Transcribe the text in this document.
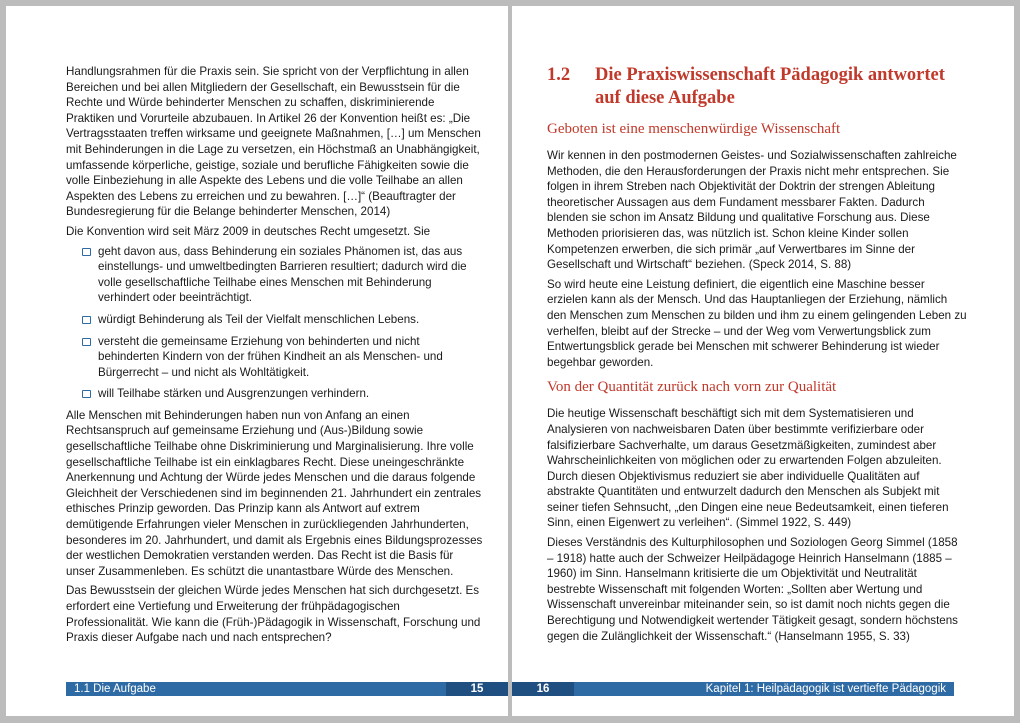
Handlungsrahmen für die Praxis sein. Sie spricht von der Verpflichtung in allen Bereichen und bei allen Mitgliedern der Gesellschaft, ein Bewusstsein für die Rechte und Würde behinderter Menschen zu schaffen, diskriminierende Praktiken und Vorurteile abzubauen. In Artikel 26 der Konvention heißt es: „Die Vertragsstaaten treffen wirksame und geeignete Maßnahmen, […] um Menschen mit Behinderungen in die Lage zu versetzen, ein Höchstmaß an Unabhängigkeit, umfassende körperliche, geistige, soziale und berufliche Fähigkeiten sowie die volle Einbeziehung in alle Aspekte des Lebens und die volle Teilhabe an allen Aspekten des Lebens zu erreichen und zu bewahren. […]“ (Beauftragter der Bundesregierung für die Belange behinderter Menschen, 2014)

Die Konvention wird seit März 2009 in deutsches Recht umgesetzt. Sie

geht davon aus, dass Behinderung ein soziales Phänomen ist, das aus einstellungs- und umweltbedingten Barrieren resultiert; dadurch wird die volle gesellschaftliche Teilhabe eines Menschen mit Behinderung verhindert oder beeinträchtigt.
würdigt Behinderung als Teil der Vielfalt menschlichen Lebens.
versteht die gemeinsame Erziehung von behinderten und nicht behinderten Kindern von der frühen Kindheit an als Menschen- und Bürgerrecht – und nicht als Wohltätigkeit.
will Teilhabe stärken und Ausgrenzungen verhindern.

Alle Menschen mit Behinderungen haben nun von Anfang an einen Rechtsanspruch auf gemeinsame Erziehung und (Aus-)Bildung sowie gesellschaftliche Teilhabe ohne Diskriminierung und Marginalisierung. Ihre volle gesellschaftliche Teilhabe ist ein einklagbares Recht. Diese uneingeschränkte Anerkennung und Achtung der Würde jedes Menschen und die daraus folgende Gleichheit der Verschiedenen sind im beginnenden 21. Jahrhundert ein zentrales ethisches Prinzip geworden. Das Prinzip kann als Antwort auf extrem demütigende Erfahrungen vieler Menschen in zurückliegenden Jahrhunderten, besonderes im 20. Jahrhundert, und damit als Ergebnis eines Bildungsprozesses der westlichen Demokratien verstanden werden. Das Recht ist die Basis für unser Zusammenleben. Es schützt die unantastbare Würde des Menschen.

Das Bewusstsein der gleichen Würde jedes Menschen hat sich durchgesetzt. Es erfordert eine Vertiefung und Erweiterung der frühpädagogischen Professionalität. Wie kann die (Früh-)Pädagogik in Wissenschaft, Forschung und Praxis dieser Aufgabe nach und nach entsprechen?

1.1 Die Aufgabe	15
1.2	Die Praxiswissenschaft Pädagogik antwortet auf diese Aufgabe
Geboten ist eine menschenwürdige Wissenschaft

Wir kennen in den postmodernen Geistes- und Sozialwissenschaften zahlreiche Methoden, die den Herausforderungen der Praxis nicht mehr entsprechen. Sie folgen in ihrem Streben nach Objektivität der Doktrin der strengen Ableitung theoretischer Aussagen aus dem Fundament messbarer Fakten. Dadurch blenden sie schon im Ansatz Bildung und qualitative Forschung aus. Diese Methoden priorisieren das, was nützlich ist. Schon kleine Kinder sollen Kompetenzen erwerben, die sich primär „auf Verwertbares im Sinne der Gesellschaft und Wirtschaft“ beziehen. (Speck 2014, S. 88)

So wird heute eine Leistung definiert, die eigentlich eine Maschine besser erzielen kann als der Mensch. Und das Hauptanliegen der Erziehung, nämlich den Menschen zum Menschen zu bilden und ihm zu einem gelingenden Leben zu verhelfen, bleibt auf der Strecke – und der Weg vom Verwertungsblick zum Entwertungsblick gerade bei Menschen mit schwerer Behinderung ist wieder begehbar geworden.

Von der Quantität zurück nach vorn zur Qualität

Die heutige Wissenschaft beschäftigt sich mit dem Systematisieren und Analysieren von nachweisbaren Daten über bestimmte verifizierbare oder falsifizierbare Sachverhalte, um daraus Gesetzmäßigkeiten, zumindest aber Wahrscheinlichkeiten von möglichen oder zu erwartenden Folgen abzuleiten. Durch diesen Objektivismus reduziert sie aber individuelle Qualitäten auf abstrakte Quantitäten und entwurzelt dadurch den Menschen als Subjekt mit seiner tiefen Sehnsucht, „den Dingen eine neue Bedeutsamkeit, einen tieferen Sinn, einen Eigenwert zu verleihen“. (Simmel 1922, S. 449)

Dieses Verständnis des Kulturphilosophen und Soziologen Georg Simmel (1858 – 1918) hatte auch der Schweizer Heilpädagoge Heinrich Hanselmann (1885 – 1960) im Sinn. Hanselmann kritisierte die um Objektivität und Neutralität bestrebte Wissenschaft mit folgenden Worten: „Sollten aber Wertung und Wissenschaft unvereinbar miteinander sein, so ist damit noch nichts gegen die Berechtigung und Notwendigkeit wertender Tätigkeit gesagt, sondern höchstens gegen die Zulänglichkeit der Wissenschaft.“ (Hanselmann 1955, S. 33)

16	Kapitel 1: Heilpädagogik ist vertiefte Pädagogik
